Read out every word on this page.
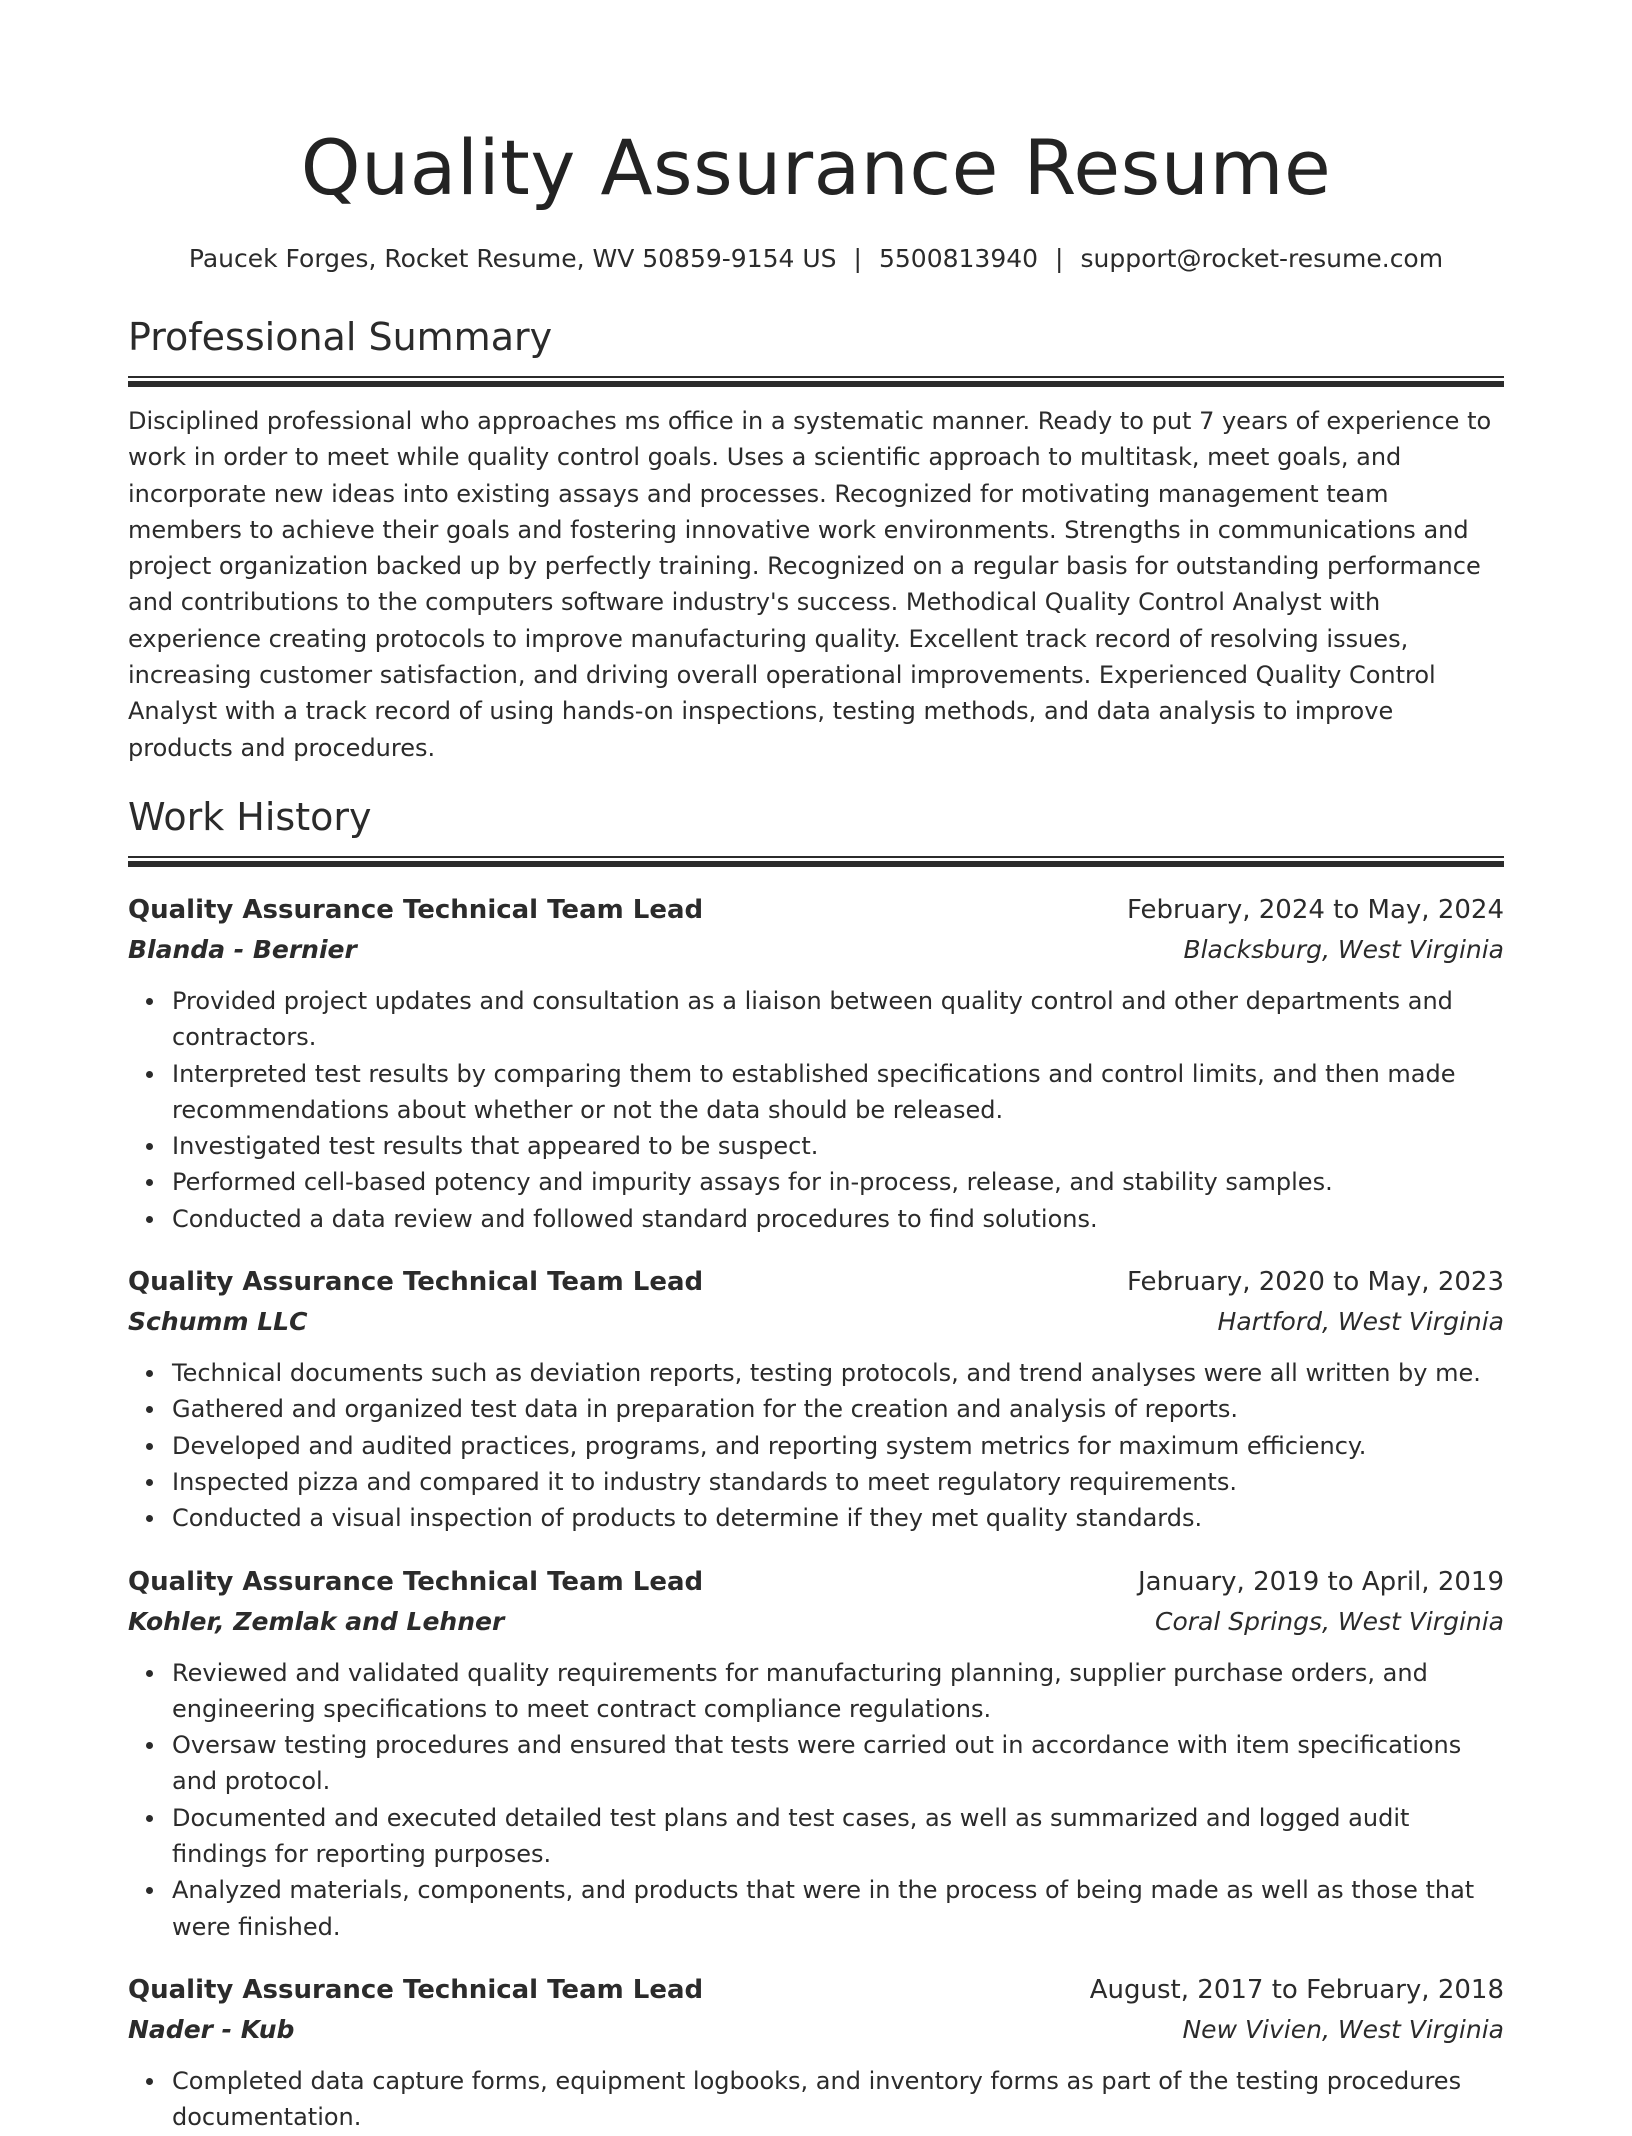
Quality Assurance Resume
Paucek Forges, Rocket Resume, WV 50859-9154 US | 5500813940 | support@rocket-resume.com
Professional Summary

Disciplined professional who approaches ms office in a systematic manner. Ready to put 7 years of experience to work in order to meet while quality control goals. Uses a scientific approach to multitask, meet goals, and incorporate new ideas into existing assays and processes. Recognized for motivating management team members to achieve their goals and fostering innovative work environments. Strengths in communications and project organization backed up by perfectly training. Recognized on a regular basis for outstanding performance and contributions to the computers software industry's success. Methodical Quality Control Analyst with experience creating protocols to improve manufacturing quality. Excellent track record of resolving issues, increasing customer satisfaction, and driving overall operational improvements. Experienced Quality Control Analyst with a track record of using hands-on inspections, testing methods, and data analysis to improve products and procedures.

Work History
Quality Assurance Technical Team Lead	February, 2024 to May, 2024
Blanda - Bernier	Blacksburg, West Virginia
Provided project updates and consultation as a liaison between quality control and other departments and contractors.
Interpreted test results by comparing them to established specifications and control limits, and then made recommendations about whether or not the data should be released.
Investigated test results that appeared to be suspect.
Performed cell-based potency and impurity assays for in-process, release, and stability samples.
Conducted a data review and followed standard procedures to find solutions.
Quality Assurance Technical Team Lead	February, 2020 to May, 2023
Schumm LLC	Hartford, West Virginia
Technical documents such as deviation reports, testing protocols, and trend analyses were all written by me.
Gathered and organized test data in preparation for the creation and analysis of reports.
Developed and audited practices, programs, and reporting system metrics for maximum efficiency.
Inspected pizza and compared it to industry standards to meet regulatory requirements.
Conducted a visual inspection of products to determine if they met quality standards.
Quality Assurance Technical Team Lead	January, 2019 to April, 2019
Kohler, Zemlak and Lehner	Coral Springs, West Virginia
Reviewed and validated quality requirements for manufacturing planning, supplier purchase orders, and engineering specifications to meet contract compliance regulations.
Oversaw testing procedures and ensured that tests were carried out in accordance with item specifications and protocol.
Documented and executed detailed test plans and test cases, as well as summarized and logged audit findings for reporting purposes.
Analyzed materials, components, and products that were in the process of being made as well as those that were finished.
Quality Assurance Technical Team Lead	August, 2017 to February, 2018
Nader - Kub	New Vivien, West Virginia
Completed data capture forms, equipment logbooks, and inventory forms as part of the testing procedures documentation.
